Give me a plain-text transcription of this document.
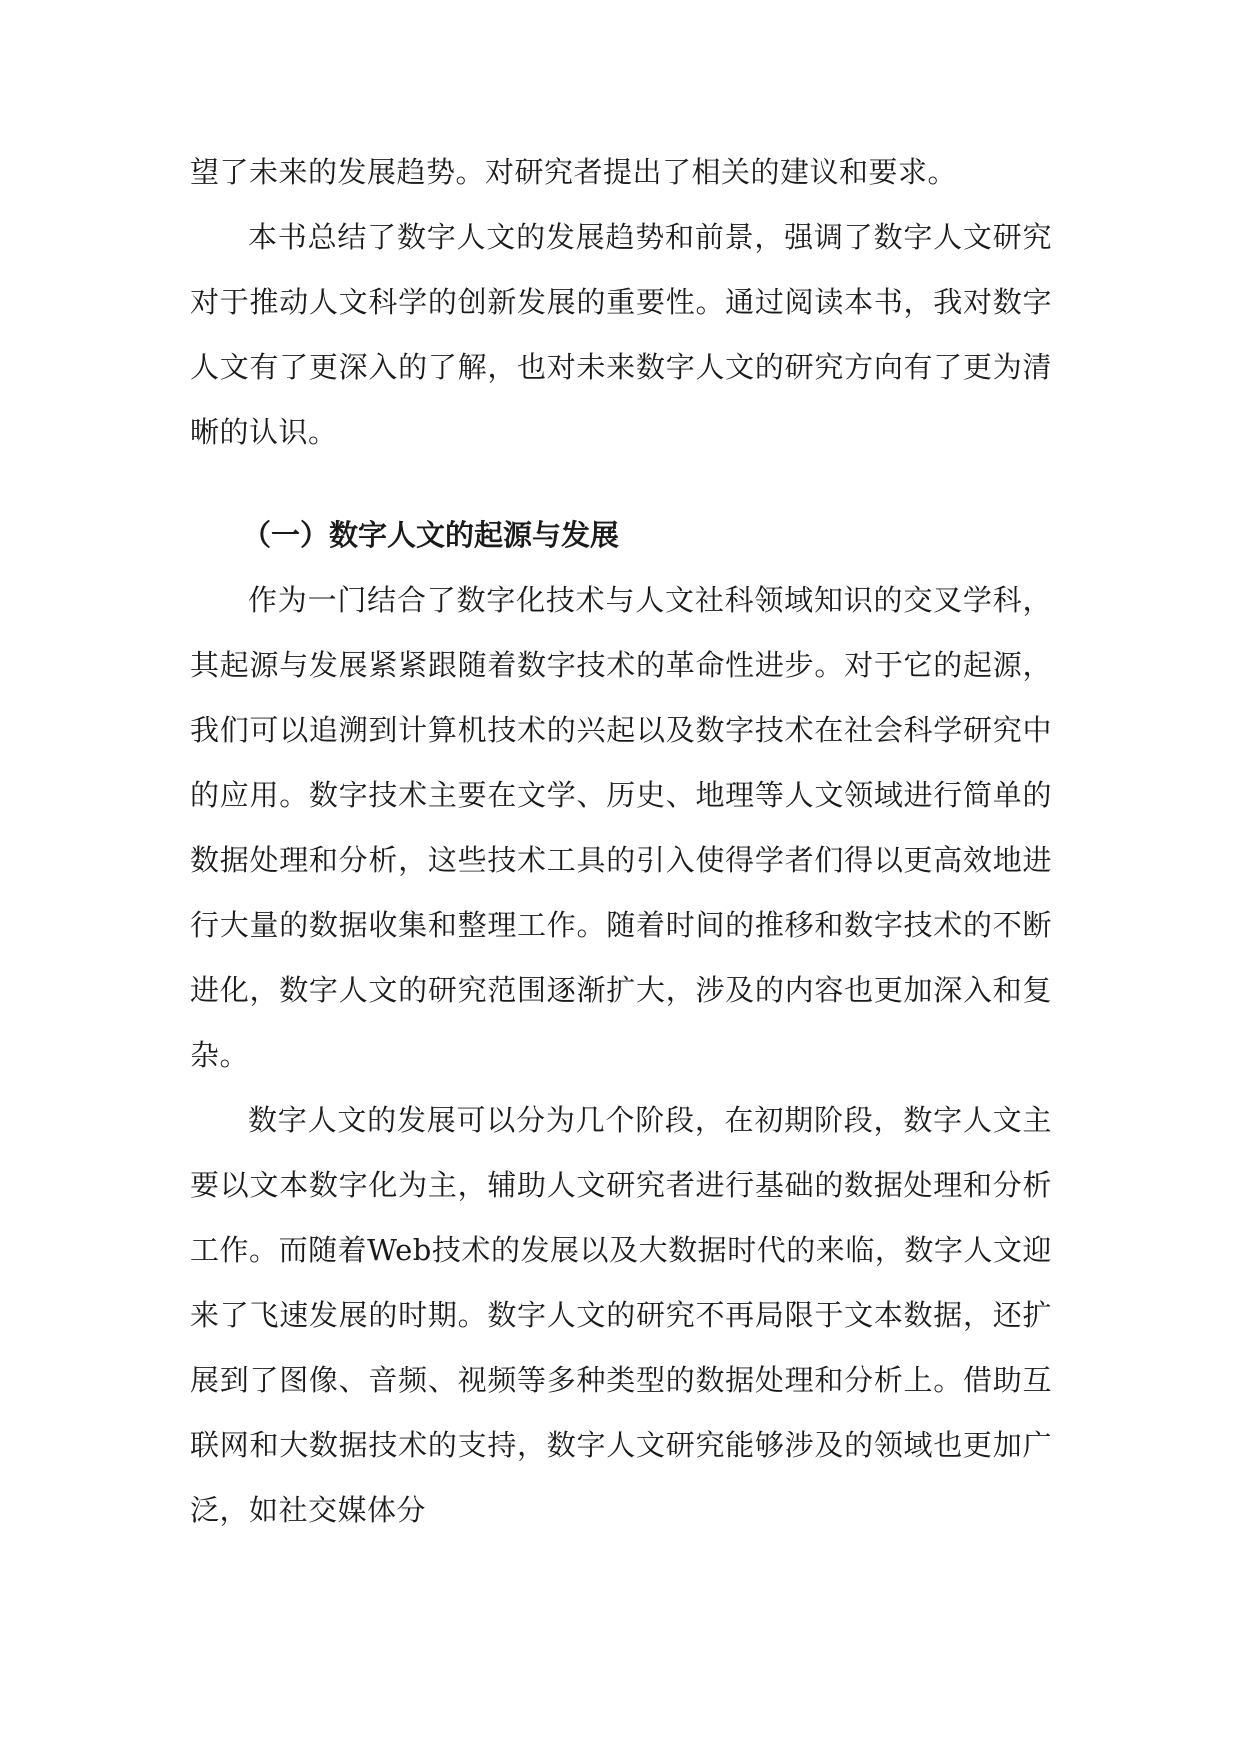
望了未来的发展趋势。对研究者提出了相关的建议和要求。

本书总结了数字人文的发展趋势和前景，强调了数字人文研究对于推动人文科学的创新发展的重要性。通过阅读本书，我对数字人文有了更深入的了解，也对未来数字人文的研究方向有了更为清晰的认识。

（一）数字人文的起源与发展

作为一门结合了数字化技术与人文社科领域知识的交叉学科，其起源与发展紧紧跟随着数字技术的革命性进步。对于它的起源，我们可以追溯到计算机技术的兴起以及数字技术在社会科学研究中的应用。数字技术主要在文学、历史、地理等人文领域进行简单的数据处理和分析，这些技术工具的引入使得学者们得以更高效地进行大量的数据收集和整理工作。随着时间的推移和数字技术的不断进化，数字人文的研究范围逐渐扩大，涉及的内容也更加深入和复杂。

数字人文的发展可以分为几个阶段，在初期阶段，数字人文主要以文本数字化为主，辅助人文研究者进行基础的数据处理和分析工作。而随着Web技术的发展以及大数据时代的来临，数字人文迎来了飞速发展的时期。数字人文的研究不再局限于文本数据，还扩展到了图像、音频、视频等多种类型的数据处理和分析上。借助互联网和大数据技术的支持，数字人文研究能够涉及的领域也更加广泛，如社交媒体分
